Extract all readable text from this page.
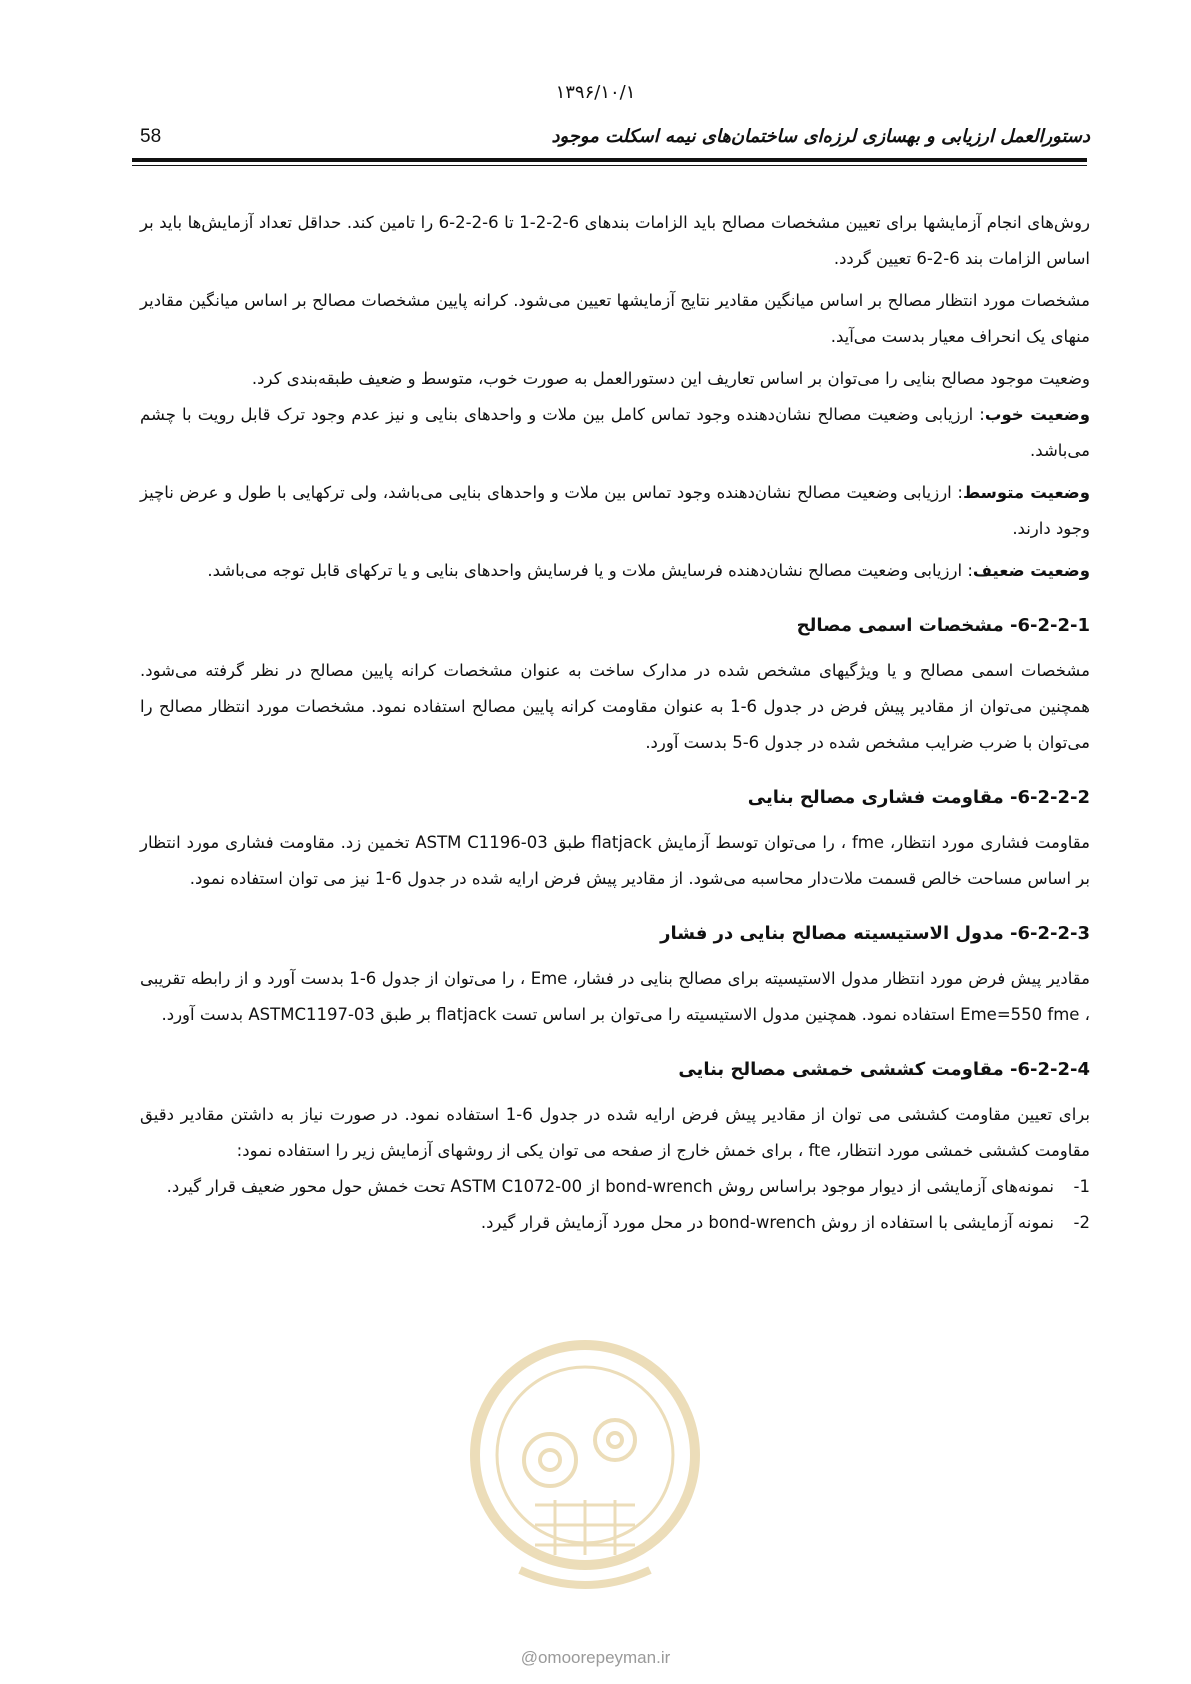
۱۳۹۶/۱۰/۱
58	دستورالعمل ارزیابی و بهسازی لرزه‌ای ساختمان‌های نیمه اسکلت موجود

روش‌های انجام آزمایشها برای تعیین مشخصات مصالح باید الزامات بندهای 6-2-2-1 تا 6-2-2-6 را تامین کند. حداقل تعداد آزمایش‌ها باید بر اساس الزامات بند 6-2-6 تعیین گردد.

مشخصات مورد انتظار مصالح بر اساس میانگین مقادیر نتایج آزمایشها تعیین می‌شود. کرانه پایین مشخصات مصالح بر اساس میانگین مقادیر منهای یک انحراف معیار بدست می‌آید.

وضعیت موجود مصالح بنایی را می‌توان بر اساس تعاریف این دستورالعمل به صورت خوب، متوسط و ضعیف طبقه‌بندی کرد.

وضعیت خوب: ارزیابی وضعیت مصالح نشان‌دهنده وجود تماس کامل بین ملات و واحدهای بنایی و نیز عدم وجود ترک قابل رویت با چشم می‌باشد.

وضعیت متوسط: ارزیابی وضعیت مصالح نشان‌دهنده وجود تماس بین ملات و واحدهای بنایی می‌باشد، ولی ترکهایی با طول و عرض ناچیز وجود دارند.

وضعیت ضعیف: ارزیابی وضعیت مصالح نشان‌دهنده فرسایش ملات و یا فرسایش واحدهای بنایی و یا ترکهای قابل توجه می‌باشد.

6-2-2-1- مشخصات اسمی مصالح

مشخصات اسمی مصالح و یا ویژگیهای مشخص شده در مدارک ساخت به عنوان مشخصات کرانه پایین مصالح در نظر گرفته می‌شود. همچنین می‌توان از مقادیر پیش فرض در جدول 6-1 به عنوان مقاومت کرانه پایین مصالح استفاده نمود. مشخصات مورد انتظار مصالح را می‌توان با ضرب ضرایب مشخص شده در جدول 6-5 بدست آورد.

6-2-2-2- مقاومت فشاری مصالح بنایی

مقاومت فشاری مورد انتظار، fme ، را می‌توان توسط آزمایش flatjack طبق ASTM C1196-03 تخمین زد. مقاومت فشاری مورد انتظار بر اساس مساحت خالص قسمت ملات‌دار محاسبه می‌شود. از مقادیر پیش فرض ارایه شده در جدول 6-1 نیز می توان استفاده نمود.

6-2-2-3- مدول الاستیسیته مصالح بنایی در فشار

مقادیر پیش فرض مورد انتظار مدول الاستیسیته برای مصالح بنایی در فشار، Eme ، را می‌توان از جدول 6-1 بدست آورد و از رابطه تقریبی ، Eme=550 fme استفاده نمود. همچنین مدول الاستیسیته را می‌توان بر اساس تست flatjack بر طبق ASTMC1197-03 بدست آورد.

6-2-2-4- مقاومت کششی خمشی مصالح بنایی

برای تعیین مقاومت کششی می توان از مقادیر پیش فرض ارایه شده در جدول 6-1 استفاده نمود. در صورت نیاز به داشتن مقادیر دقیق مقاومت کششی خمشی مورد انتظار، fte ، برای خمش خارج از صفحه می توان یکی از روشهای آزمایش زیر را استفاده نمود:

1-
نمونه‌های آزمایشی از دیوار موجود براساس روش bond-wrench از ASTM C1072-00 تحت خمش حول محور ضعیف قرار گیرد.
2-
نمونه آزمایشی با استفاده از روش bond-wrench در محل مورد آزمایش قرار گیرد.
@omoorepeyman.ir
